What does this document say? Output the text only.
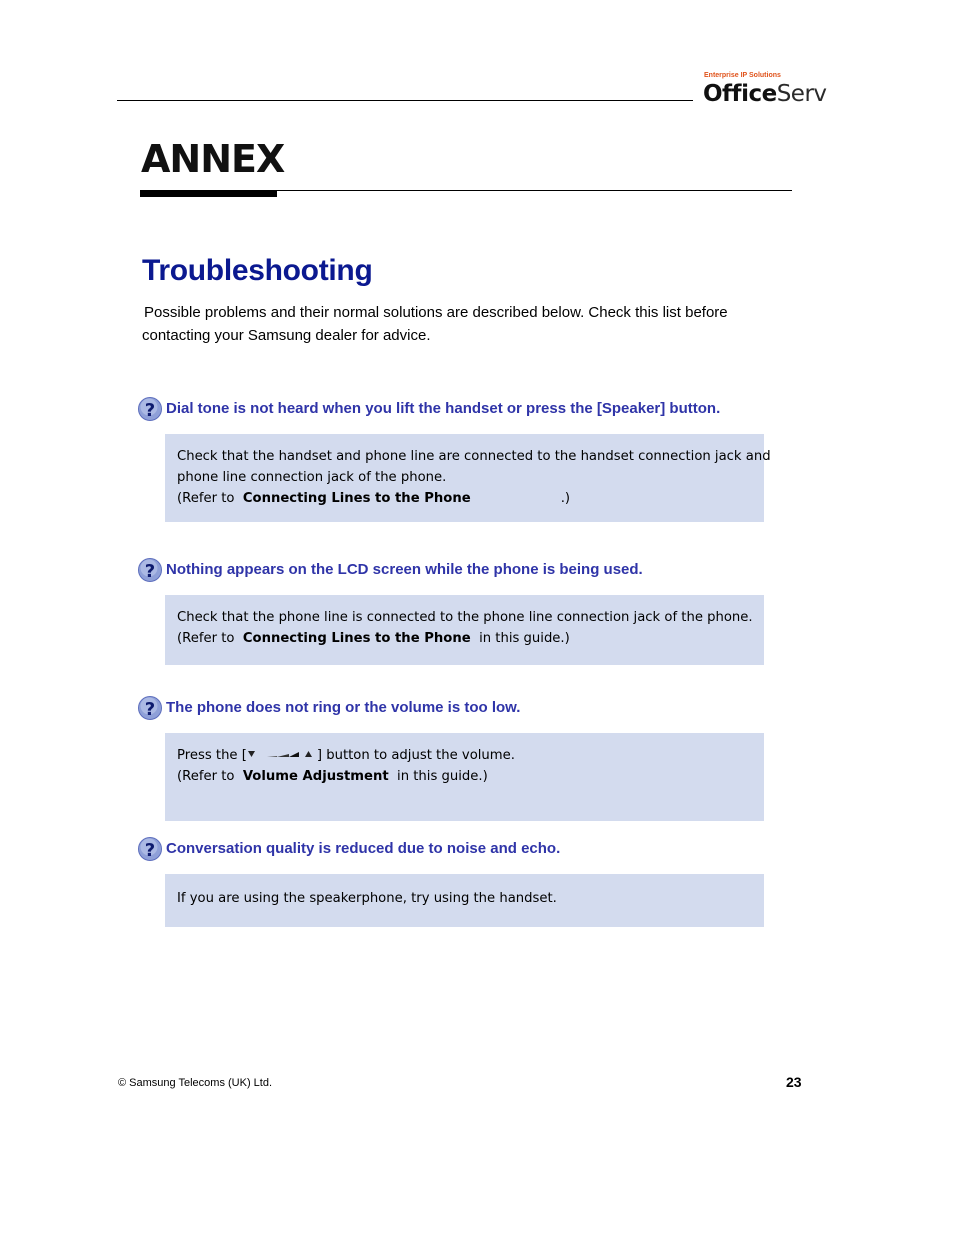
Enterprise IP Solutions
OfficeServ
ANNEX
Troubleshooting
Possible problems and their normal solutions are described below. Check this list before
contacting your Samsung dealer for advice.
? Dial tone is not heard when you lift the handset or press the [Speaker] button.
Check that the handset and phone line are connected to the handset connection jack and
phone line connection jack of the phone.
(Refer to Connecting Lines to the Phone	.)
? Nothing appears on the LCD screen while the phone is being used.
Check that the phone line is connected to the phone line connection jack of the phone.
(Refer to Connecting Lines to the Phone in this guide.)
? The phone does not ring or the volume is too low.
Press the [	] button to adjust the volume.
(Refer to Volume Adjustment in this guide.)
? Conversation quality is reduced due to noise and echo.
If you are using the speakerphone, try using the handset.
© Samsung Telecoms (UK) Ltd.	23
